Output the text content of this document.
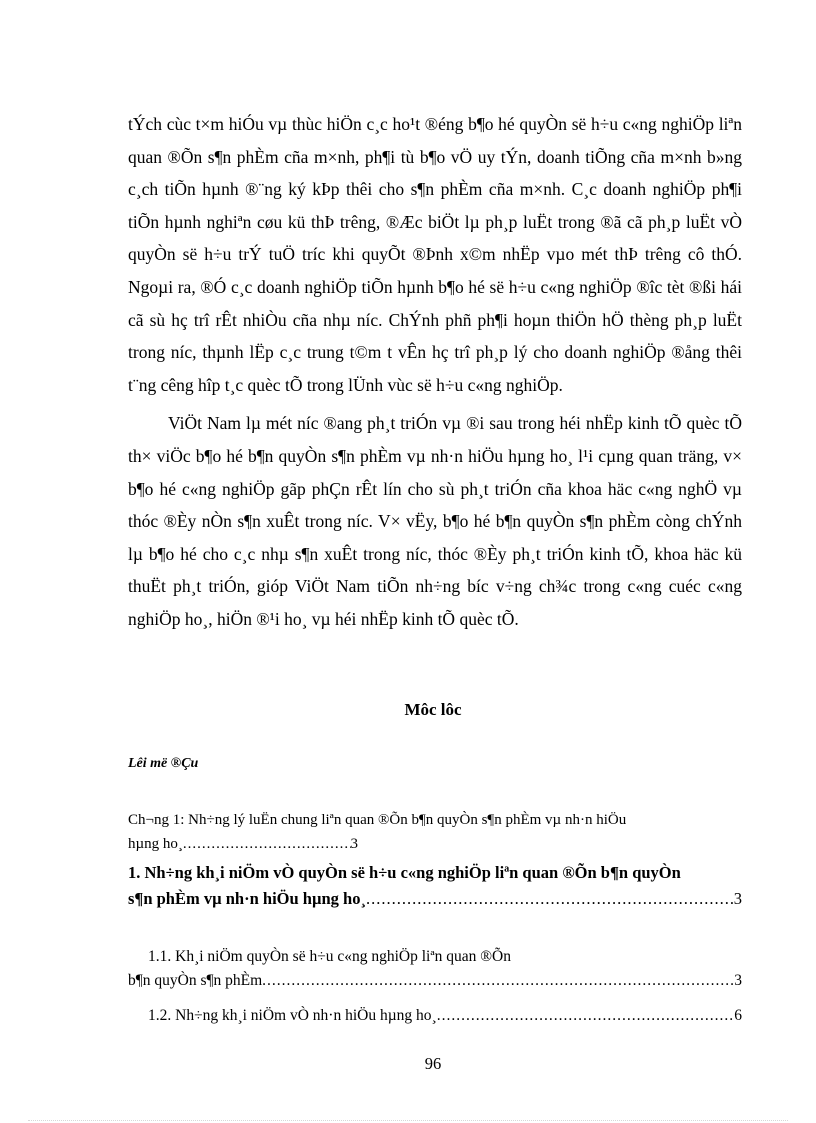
tÝch cùc t×m hiÓu vµ thùc hiÖn c¸c ho¹t ®éng b¶o hé quyÒn së h÷u c«ng nghiÖp liªn quan ®Õn s¶n phÈm cña m×nh, ph¶i tù b¶o vÖ uy tÝn, doanh tiÕng cña m×nh b»ng c¸ch tiÕn hµnh ®¨ng ký kÞp thêi cho s¶n phÈm cña m×nh. C¸c doanh nghiÖp ph¶i tiÕn hµnh nghiªn cøu kü thÞ trêng, ®Æc biÖt lµ ph¸p luËt trong ®ã cã ph¸p luËt vÒ quyÒn së h÷u trÝ tuÖ tríc khi quyÕt ®Þnh x©m nhËp vµo mét thÞ trêng cô thÓ. Ngoµi ra, ®Ó c¸c doanh nghiÖp tiÕn hµnh b¶o hé së h÷u c«ng nghiÖp ®îc tèt ®ßi hái cã sù hç trî rÊt nhiÒu cña nhµ níc. ChÝnh phñ ph¶i hoµn thiÖn hÖ thèng ph¸p luËt trong níc, thµnh lËp c¸c trung t©m t vÊn hç trî ph¸p lý cho doanh nghiÖp ®ång thêi t¨ng cêng hîp t¸c quèc tÕ trong lÜnh vùc së h÷u c«ng nghiÖp.

ViÖt Nam lµ mét níc ®ang ph¸t triÓn vµ ®i sau trong héi nhËp kinh tÕ quèc tÕ th× viÖc b¶o hé b¶n quyÒn s¶n phÈm vµ nh·n hiÖu hµng ho¸ l¹i cµng quan träng, v× b¶o hé c«ng nghiÖp gãp phÇn rÊt lín cho sù ph¸t triÓn cña khoa häc c«ng nghÖ vµ thóc ®Èy nÒn s¶n xuÊt trong níc. V× vËy, b¶o hé b¶n quyÒn s¶n phÈm còng chÝnh lµ b¶o hé cho c¸c nhµ s¶n xuÊt trong níc, thóc ®Èy ph¸t triÓn kinh tÕ, khoa häc kü thuËt ph¸t triÓn, gióp ViÖt Nam tiÕn nh÷ng bíc v÷ng ch¾c trong c«ng cuéc c«ng nghiÖp ho¸, hiÖn ®¹i ho¸ vµ héi nhËp kinh tÕ quèc tÕ.

Môc lôc
Lêi më ®Çu
Ch¬ng 1: Nh÷ng lý luËn chung liªn quan ®Õn b¶n quyÒn s¶n phÈm vµ nh·n hiÖu
hµng ho¸ .....	3
1. Nh÷ng kh¸i niÖm vÒ quyÒn së h÷u c«ng nghiÖp liªn quan ®Õn b¶n quyÒn
s¶n phÈm vµ nh·n hiÖu hµng ho¸ .....	3
1.1. Kh¸i niÖm quyÒn së h÷u c«ng nghiÖp liªn quan ®Õn
b¶n quyÒn s¶n phÈm .....	3
1.2. Nh÷ng kh¸i niÖm vÒ nh·n hiÖu hµng ho¸ .....	6
96
